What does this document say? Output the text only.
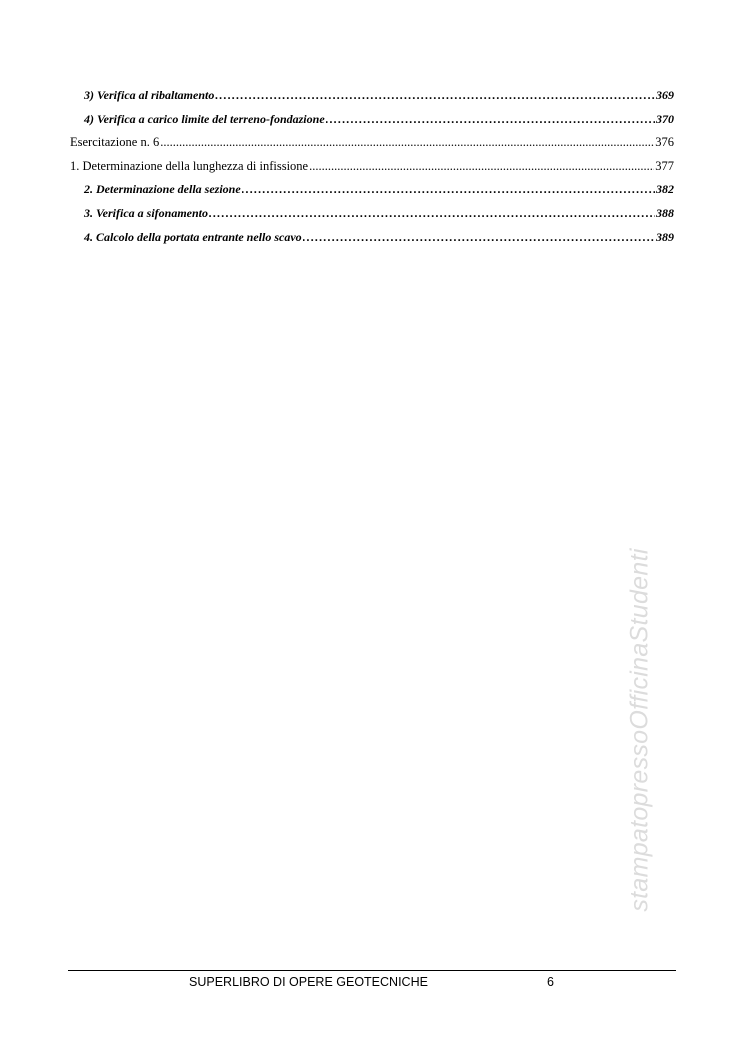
3) Verifica al ribaltamento .....	369
4) Verifica a carico limite del terreno-fondazione .....	370
Esercitazione n. 6 .....	376
1. Determinazione della lunghezza di infissione .....	377
2. Determinazione della sezione .....	382
3. Verifica a sifonamento .....	388
4. Calcolo della portata entrante nello scavo .....	389
stampatopressoOfficinaStudenti
SUPERLIBRO DI OPERE GEOTECNICHE	6
